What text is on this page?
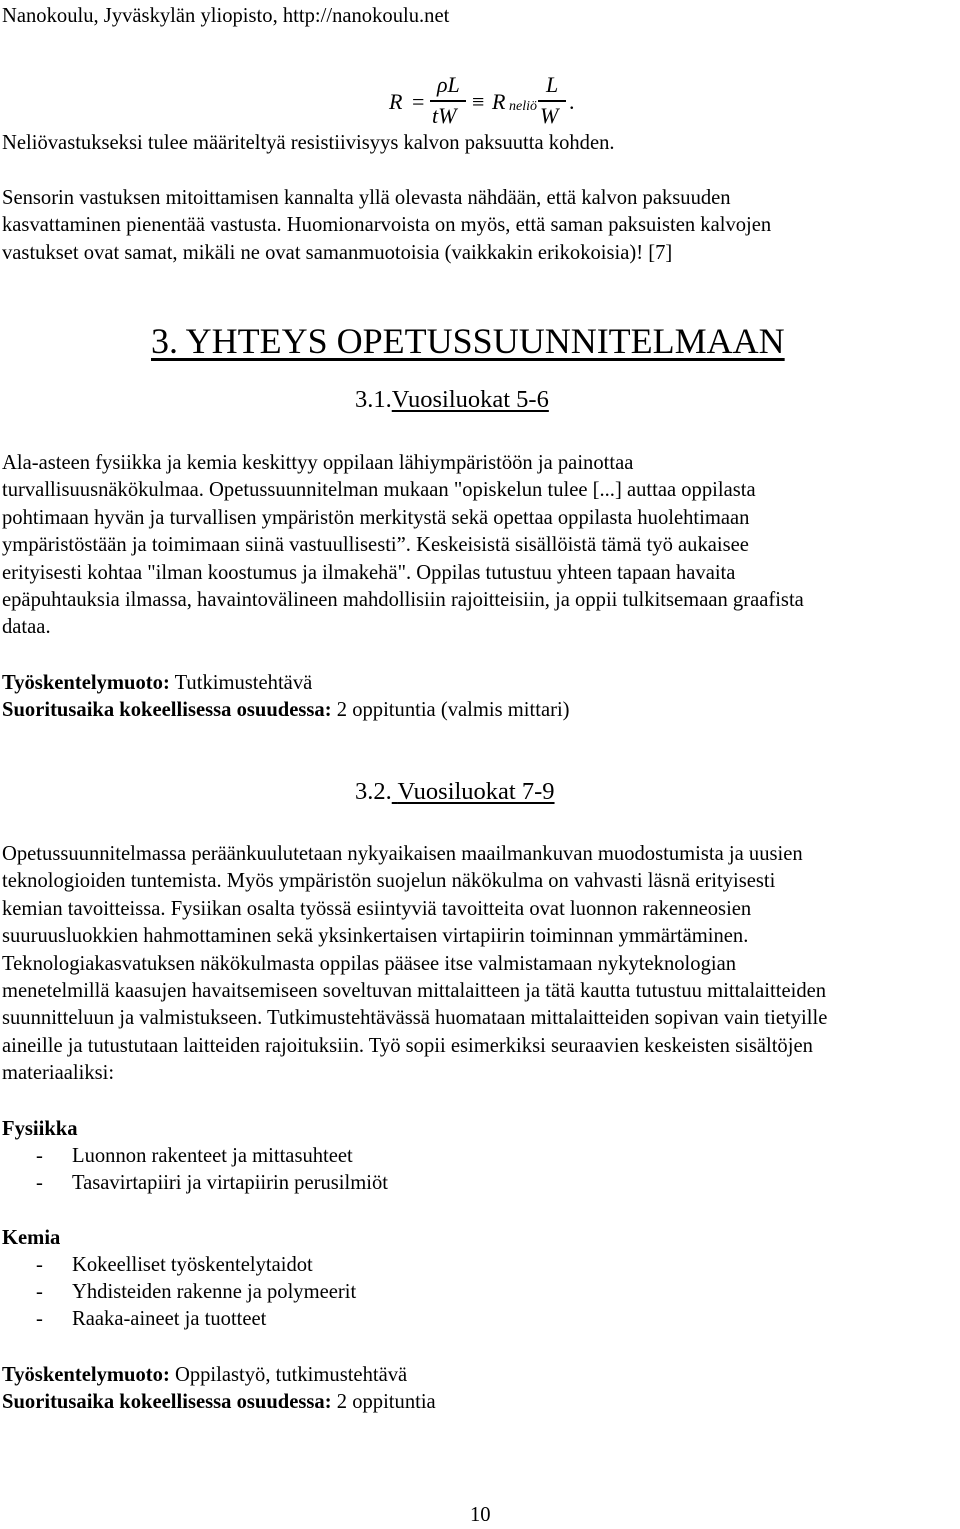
Nanokoulu, Jyväskylän yliopisto, http://nanokoulu.net
R =
ρL
tW
≡ R neliö
L
W
.
Neliövastukseksi tulee määriteltyä resistiivisyys kalvon paksuutta kohden.
Sensorin vastuksen mitoittamisen kannalta yllä olevasta nähdään, että kalvon paksuuden
kasvattaminen pienentää vastusta. Huomionarvoista on myös, että saman paksuisten kalvojen
vastukset ovat samat, mikäli ne ovat samanmuotoisia (vaikkakin erikokoisia)! [7]
3. YHTEYS OPETUSSUUNNITELMAAN
3.1.Vuosiluokat 5-6
Ala-asteen fysiikka ja kemia keskittyy oppilaan lähiympäristöön ja painottaa
turvallisuusnäkökulmaa. Opetussuunnitelman mukaan "opiskelun tulee [...] auttaa oppilasta
pohtimaan hyvän ja turvallisen ympäristön merkitystä sekä opettaa oppilasta huolehtimaan
ympäristöstään ja toimimaan siinä vastuullisesti”. Keskeisistä sisällöistä tämä työ aukaisee
erityisesti kohtaa "ilman koostumus ja ilmakehä". Oppilas tutustuu yhteen tapaan havaita
epäpuhtauksia ilmassa, havaintovälineen mahdollisiin rajoitteisiin, ja oppii tulkitsemaan graafista
dataa.
Työskentelymuoto: Tutkimustehtävä
Suoritusaika kokeellisessa osuudessa: 2 oppituntia (valmis mittari)
3.2. Vuosiluokat 7-9
Opetussuunnitelmassa peräänkuulutetaan nykyaikaisen maailmankuvan muodostumista ja uusien
teknologioiden tuntemista. Myös ympäristön suojelun näkökulma on vahvasti läsnä erityisesti
kemian tavoitteissa. Fysiikan osalta työssä esiintyviä tavoitteita ovat luonnon rakenneosien
suuruusluokkien hahmottaminen sekä yksinkertaisen virtapiirin toiminnan ymmärtäminen.
Teknologiakasvatuksen näkökulmasta oppilas pääsee itse valmistamaan nykyteknologian
menetelmillä kaasujen havaitsemiseen soveltuvan mittalaitteen ja tätä kautta tutustuu mittalaitteiden
suunnitteluun ja valmistukseen. Tutkimustehtävässä huomataan mittalaitteiden sopivan vain tietyille
aineille ja tutustutaan laitteiden rajoituksiin. Työ sopii esimerkiksi seuraavien keskeisten sisältöjen
materiaaliksi:
Fysiikka
- Luonnon rakenteet ja mittasuhteet
- Tasavirtapiiri ja virtapiirin perusilmiöt
Kemia
- Kokeelliset työskentelytaidot
- Yhdisteiden rakenne ja polymeerit
- Raaka-aineet ja tuotteet
Työskentelymuoto: Oppilastyö, tutkimustehtävä
Suoritusaika kokeellisessa osuudessa: 2 oppituntia
10
